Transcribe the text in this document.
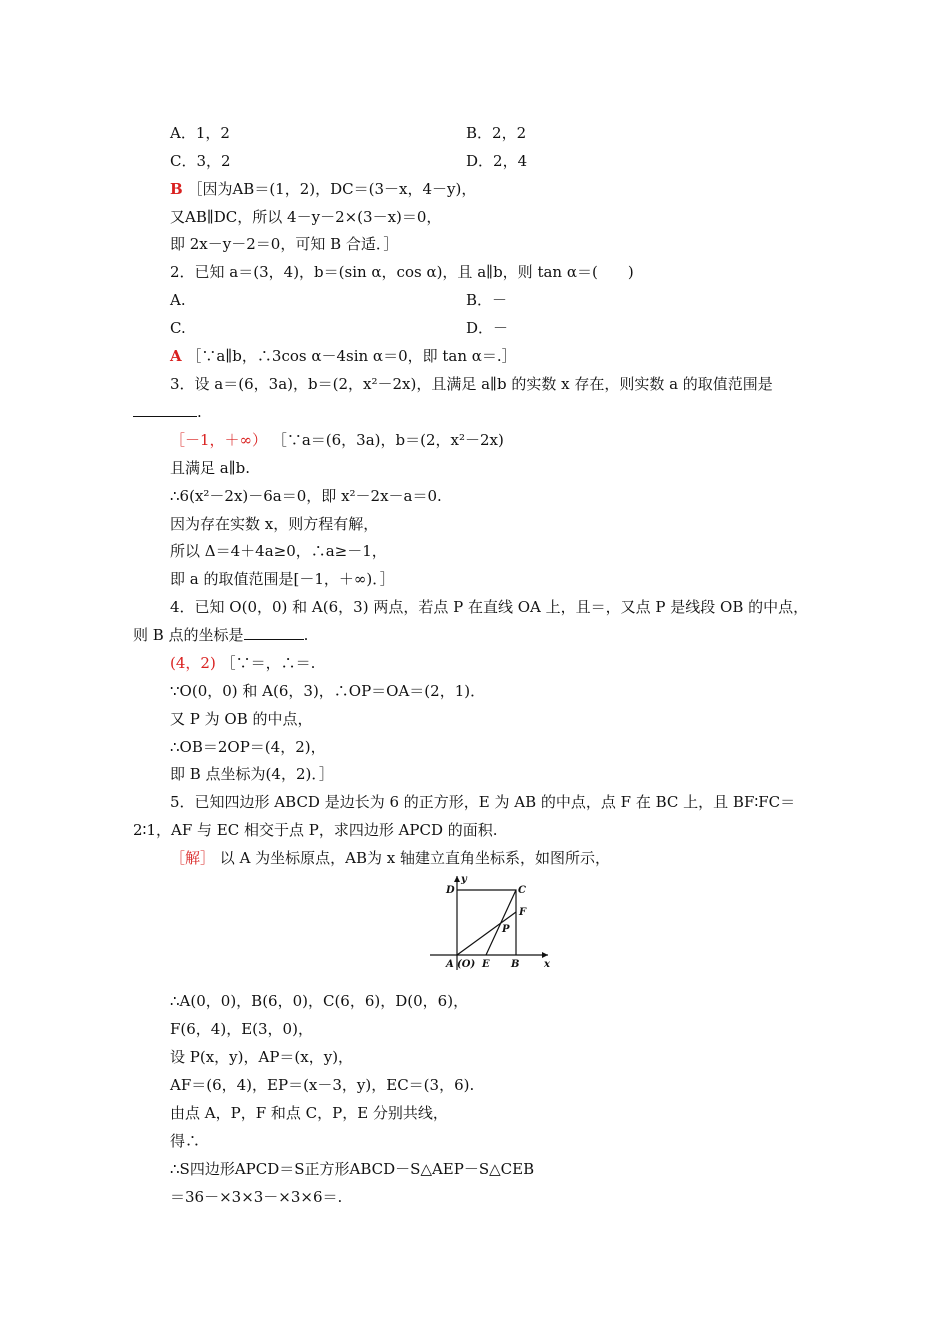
A．1，2	B．2，2
C．3，2	D．2，4
B ［因为AB＝(1，2)，DC＝(3－x，4－y)，
又AB∥DC，所以 4－y－2×(3－x)＝0，
即 2x－y－2＝0，可知 B 合适．］
2．已知 a＝(3，4)，b＝(sin α，cos α)，且 a∥b，则 tan α＝(　　)
A.	B．－
C.	D．－
A ［∵a∥b，∴3cos α－4sin α＝0，即 tan α＝.］
3．设 a＝(6，3a)，b＝(2，x²－2x)，且满足 a∥b 的实数 x 存在，则实数 a 的取值范围是
.
［－1，＋∞） ［∵a＝(6，3a)，b＝(2，x²－2x)
且满足 a∥b.
∴6(x²－2x)－6a＝0，即 x²－2x－a＝0.
因为存在实数 x，则方程有解，
所以 Δ＝4＋4a≥0，∴a≥－1，
即 a 的取值范围是[－1，＋∞)．］
4．已知 O(0，0) 和 A(6，3) 两点，若点 P 在直线 OA 上，且＝，又点 P 是线段 OB 的中点，
则 B 点的坐标是	.
(4，2) ［∵＝，∴＝.
∵O(0，0) 和 A(6，3)，∴OP＝OA＝(2，1)．
又 P 为 OB 的中点，
∴OB＝2OP＝(4，2)，
即 B 点坐标为(4，2)．］
5．已知四边形 ABCD 是边长为 6 的正方形，E 为 AB 的中点，点 F 在 BC 上，且 BF∶FC＝
2∶1，AF 与 EC 相交于点 P，求四边形 APCD 的面积.
［解］ 以 A 为坐标原点，AB为 x 轴建立直角坐标系，如图所示，
D	C
F
P
A (O) E B x
y
∴A(0，0)，B(6，0)，C(6，6)，D(0，6)，
F(6，4)，E(3，0)，
设 P(x，y)，AP＝(x，y)，
AF＝(6，4)，EP＝(x－3，y)，EC＝(3，6).
由点 A，P，F 和点 C，P，E 分别共线，
得∴
∴S四边形APCD＝S正方形ABCD－S△AEP－S△CEB
＝36－×3×3－×3×6＝.
